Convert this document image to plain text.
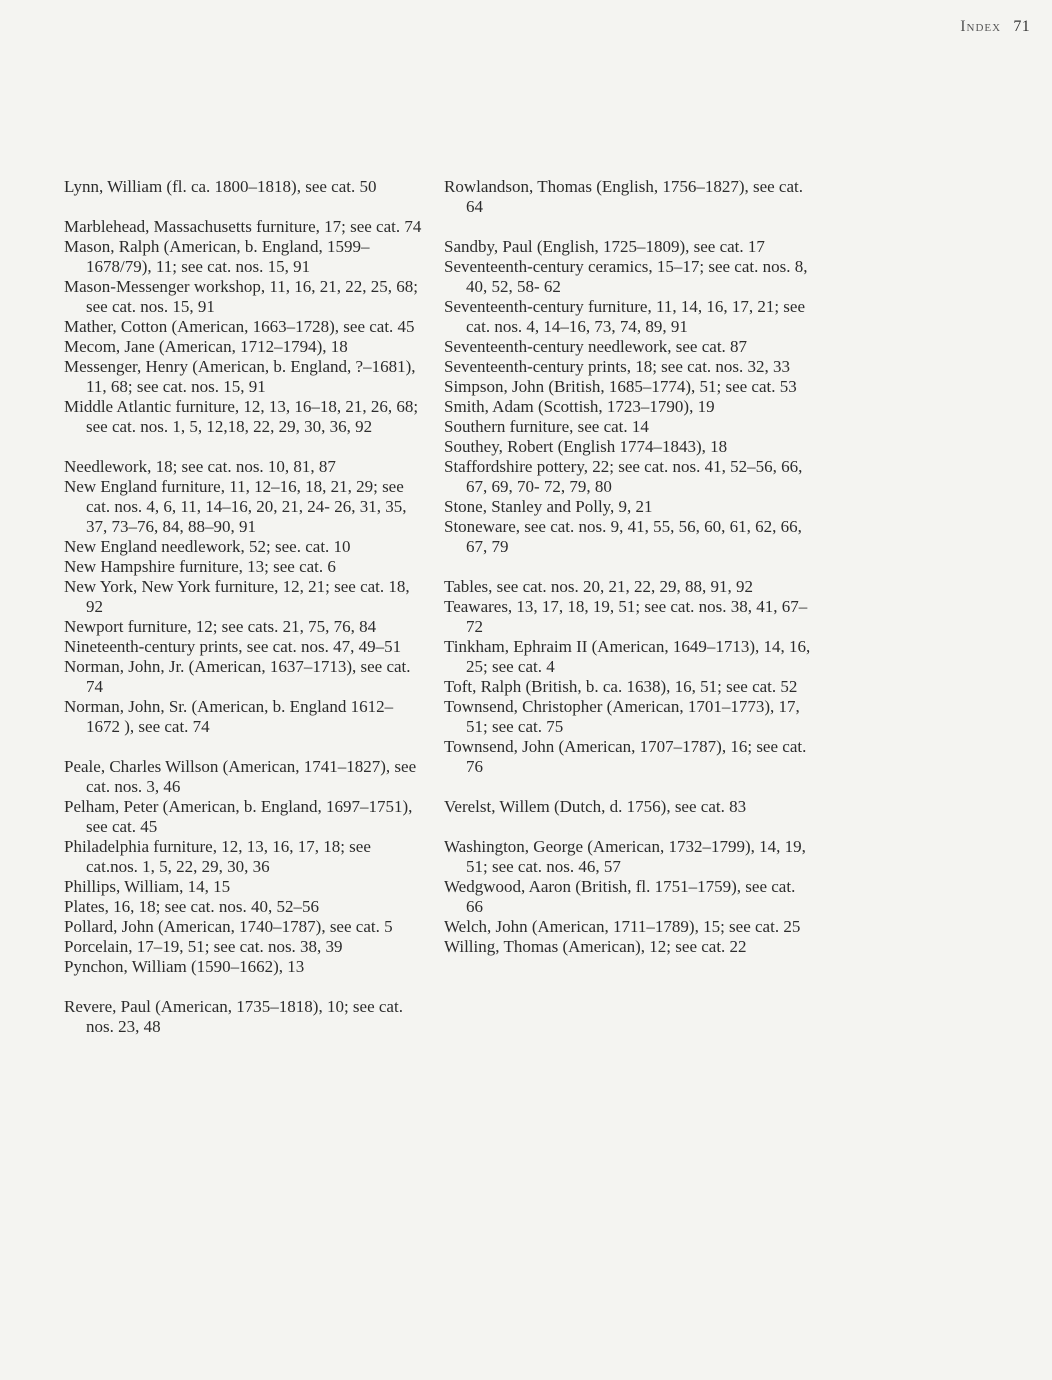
Index 71
Lynn, William (fl. ca. 1800–1818), see cat. 50
Marblehead, Massachusetts furniture, 17; see cat. 74
Mason, Ralph (American, b. England, 1599–1678/79), 11; see cat. nos. 15, 91
Mason-Messenger workshop, 11, 16, 21, 22, 25, 68; see cat. nos. 15, 91
Mather, Cotton (American, 1663–1728), see cat. 45
Mecom, Jane (American, 1712–1794), 18
Messenger, Henry (American, b. England, ?–1681), 11, 68; see cat. nos. 15, 91
Middle Atlantic furniture, 12, 13, 16–18, 21, 26, 68; see cat. nos. 1, 5, 12,18, 22, 29, 30, 36, 92
Needlework, 18; see cat. nos. 10, 81, 87
New England furniture, 11, 12–16, 18, 21, 29; see cat. nos. 4, 6, 11, 14–16, 20, 21, 24- 26, 31, 35, 37, 73–76, 84, 88–90, 91
New England needlework, 52; see. cat. 10
New Hampshire furniture, 13; see cat. 6
New York, New York furniture, 12, 21; see cat. 18, 92
Newport furniture, 12; see cats. 21, 75, 76, 84
Nineteenth-century prints, see cat. nos. 47, 49–51
Norman, John, Jr. (American, 1637–1713), see cat. 74
Norman, John, Sr. (American, b. England 1612–1672 ), see cat. 74
Peale, Charles Willson (American, 1741–1827), see cat. nos. 3, 46
Pelham, Peter (American, b. England, 1697–1751), see cat. 45
Philadelphia furniture, 12, 13, 16, 17, 18; see cat.nos. 1, 5, 22, 29, 30, 36
Phillips, William, 14, 15
Plates, 16, 18; see cat. nos. 40, 52–56
Pollard, John (American, 1740–1787), see cat. 5
Porcelain, 17–19, 51; see cat. nos. 38, 39
Pynchon, William (1590–1662), 13
Revere, Paul (American, 1735–1818), 10; see cat. nos. 23, 48
Rowlandson, Thomas (English, 1756–1827), see cat. 64
Sandby, Paul (English, 1725–1809), see cat. 17
Seventeenth-century ceramics, 15–17; see cat. nos. 8, 40, 52, 58- 62
Seventeenth-century furniture, 11, 14, 16, 17, 21; see cat. nos. 4, 14–16, 73, 74, 89, 91
Seventeenth-century needlework, see cat. 87
Seventeenth-century prints, 18; see cat. nos. 32, 33
Simpson, John (British, 1685–1774), 51; see cat. 53
Smith, Adam (Scottish, 1723–1790), 19
Southern furniture, see cat. 14
Southey, Robert (English 1774–1843), 18
Staffordshire pottery, 22; see cat. nos. 41, 52–56, 66, 67, 69, 70- 72, 79, 80
Stone, Stanley and Polly, 9, 21
Stoneware, see cat. nos. 9, 41, 55, 56, 60, 61, 62, 66, 67, 79
Tables, see cat. nos. 20, 21, 22, 29, 88, 91, 92
Teawares, 13, 17, 18, 19, 51; see cat. nos. 38, 41, 67–72
Tinkham, Ephraim II (American, 1649–1713), 14, 16, 25; see cat. 4
Toft, Ralph (British, b. ca. 1638), 16, 51; see cat. 52
Townsend, Christopher (American, 1701–1773), 17, 51; see cat. 75
Townsend, John (American, 1707–1787), 16; see cat. 76
Verelst, Willem (Dutch, d. 1756), see cat. 83
Washington, George (American, 1732–1799), 14, 19, 51; see cat. nos. 46, 57
Wedgwood, Aaron (British, fl. 1751–1759), see cat. 66
Welch, John (American, 1711–1789), 15; see cat. 25
Willing, Thomas (American), 12; see cat. 22
